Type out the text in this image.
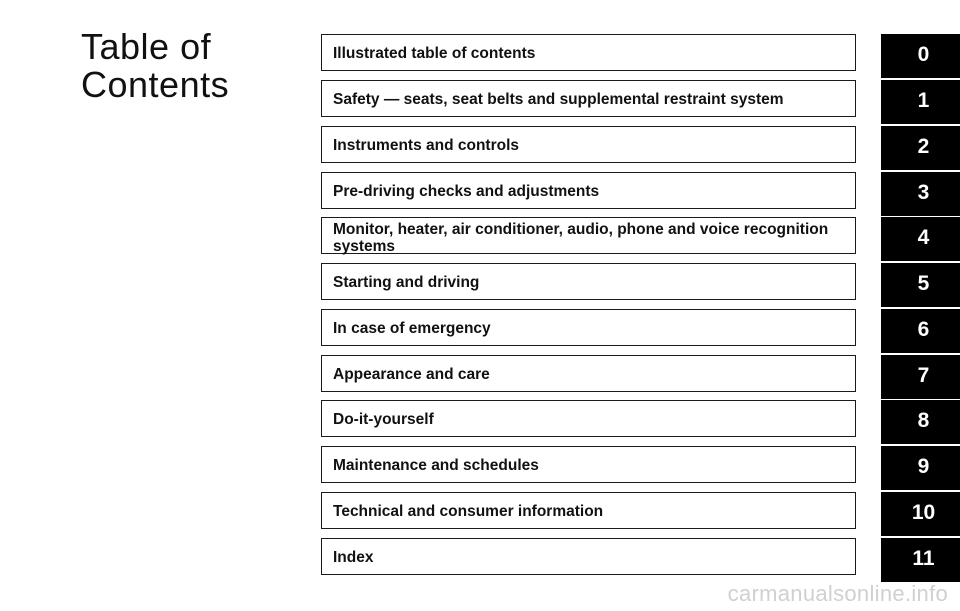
Table of
Contents
Illustrated table of contents	0
Safety — seats, seat belts and supplemental restraint system	1
Instruments and controls	2
Pre-driving checks and adjustments	3
Monitor, heater, air conditioner, audio, phone and voice recognition systems	4
Starting and driving	5
In case of emergency	6
Appearance and care	7
Do-it-yourself	8
Maintenance and schedules	9
Technical and consumer information	10
Index	11
carmanualsonline.info
